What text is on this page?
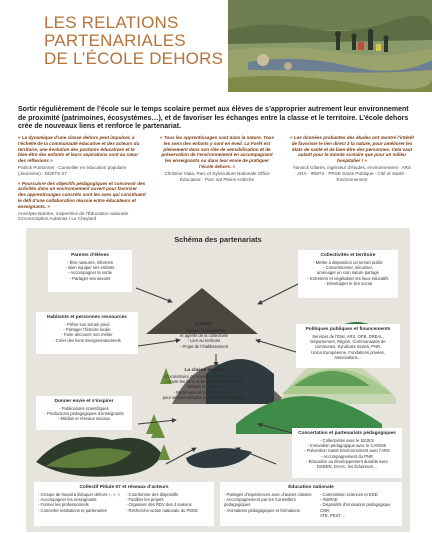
LES RELATIONS
PARTENARIALES
DE L’ÉCOLE DEHORS

Sortir régulièrement de l’école sur le temps scolaire permet aux élèves de s’approprier autrement leur environnement de proximité (patrimoines, écosystèmes…), et de favoriser les échanges entre la classe et le territoire. L’école dehors crée de nouveaux liens et renforce le partenariat.

« La dynamique d’une classe dehors peut impulser, à l’échelle de la communauté éducative et des acteurs du territoire, une évolution des postures éducatives et le bien-être des enfants et leurs aspirations sont au cœur des réflexions »
Patrick Pontonnet · Conseiller en éducation populaire (Jeunesse) · DDETS 07
« Poursuivre des objectifs pédagogiques et concevoir des activités dans un environnement ouvert pour favoriser des apprentissages concrets sont les axes qui constituent le défi d’une collaboration réussie entre éducateurs et enseignants. »
Annelyse Barrère, inspectrice de l’Éducation nationale · Circonscription Aubenas / Le Cheylard
« Tous les apprentissages sont dans la nature. Tous les sens des enfants y sont en éveil. La Forêt est pleinement dans son rôle de sensibilisation et de préservation de l’environnement en accompagnant les enseignants ou dans leur envie de pratiquer l’école dehors. »
Christine Viala, Parc et Sylviculture Nationale Office Éducateur · Parc nat Pleins Ardèche
« Les données probantes des études ont montré l’intérêt de favoriser le lien direct à la nature, pour améliorer les états de santé et de bien-être des personnes. Cela vaut autant pour le monde scolaire que pour un milieu hospitalier ! »
Yannick Gilarès, ingénieur d’études, environnement · ARS ARA · IREPS · PRSE Santé Publique · Cité et Santé · Environnement
Schéma des partenariats
Parents d’élèves
- Être rassurés, informés
- Bien équiper ses enfants
- Accompagner la sortie
- Partager ses savoirs
Collectivités et territoire
- Mettre à disposition un terrain public
- Conventionner, sécuriser,
aménager un coin nature partagé
- Entretenir et végétaliser les lieux éducatifs
- Développer le lien social
Habitants et personnes ressources
- Prêter son terrain privé
- Partager l’histoire locale
- Faire découvrir son métier
- Créer des liens intergénérationnels
L’école
- Équipe : enseignants
et agents de la collectivité
- Lien au territoire
- Projet de l’établissement
Politiques publiques et financements
Services de l’État, ARS, OFB, DREAL,
Département, Région, Communautés de
communes, Syndicats mixtes, PNR,
Union Européenne, Fondations privées,
Associations…
La classe dehors
- Coconstruire de nouvelles formes scolaires
- Faire les liens entre les apprentissages
"dehors et dedans"
- Partenariat et travail en binôme
pour assurer sécurité et qualité pédagogique
Donner envie et s’inspirer
- Publications scientifiques
- Productions pédagogiques d’enseignants
- Médias et réseaux sociaux
Concertation et partenariats pédagogiques
- Collectivités avec le SEJES
- Innovation pédagogique avec le CARDIE
- Prévention Santé Environnement avec l’ARS
- Accompagnement du PNR
- Éducation au développement durable avec
DSDEN, DAAC, les Éclaireurs…
Collectif Pitiule 07 et réseaux d’acteurs
- Groupe de travail à Éduquer dehors », », »
- Accompagner les enseignants
- Former les professionnels
- Concerter institutions et partenaires
- Coordonner des dispositifs
- Faciliter les projets
- Organiser des RDV des 4 saisons
- Recherche-action nationale du PEDE
Éducation nationale
- Partages d’expériences avec d’autres classes
- Accompagnement par les Conseillers
pédagogiques
- Animations pédagogiques et formations
- Commission sciences et EDD
- INSPAE
- Dispositifs d’innovation pédagogique CNR,
ATE, PEST…
